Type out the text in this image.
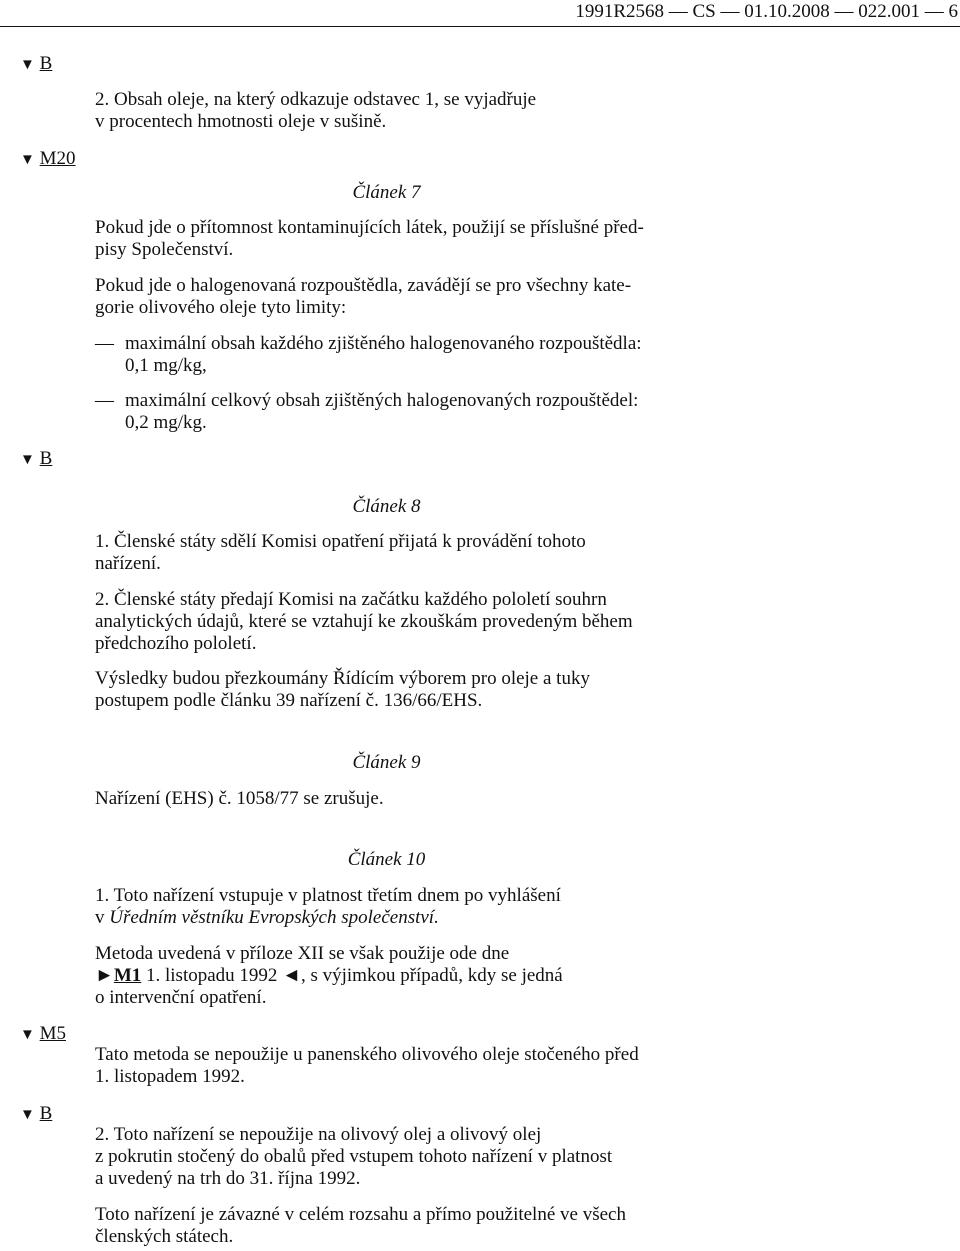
1991R2568 — CS — 01.10.2008 — 022.001 — 6
▼ B
▼ M20
▼ B
▼ M5
▼ B
2. Obsah oleje, na který odkazuje odstavec 1, se vyjadřuje
v procentech hmotnosti oleje v sušině.
Článek 7
Pokud jde o přítomnost kontaminujících látek, použijí se příslušné před-
pisy Společenství.
Pokud jde o halogenovaná rozpouštědla, zavádějí se pro všechny kate-
gorie olivového oleje tyto limity:
— maximální obsah každého zjištěného halogenovaného rozpouštědla:
0,1 mg/kg,
— maximální celkový obsah zjištěných halogenovaných rozpouštědel:
0,2 mg/kg.
Článek 8
1. Členské státy sdělí Komisi opatření přijatá k provádění tohoto
nařízení.
2. Členské státy předají Komisi na začátku každého pololetí souhrn
analytických údajů, které se vztahují ke zkouškám provedeným během
předchozího pololetí.
Výsledky budou přezkoumány Řídícím výborem pro oleje a tuky
postupem podle článku 39 nařízení č. 136/66/EHS.
Článek 9
Nařízení (EHS) č. 1058/77 se zrušuje.
Článek 10
1. Toto nařízení vstupuje v platnost třetím dnem po vyhlášení
v Úředním věstníku Evropských společenství.
Metoda uvedená v příloze XII se však použije ode dne
►M1 1. listopadu 1992 ◄, s výjimkou případů, kdy se jedná
o intervenční opatření.
Tato metoda se nepoužije u panenského olivového oleje stočeného před
1. listopadem 1992.
2. Toto nařízení se nepoužije na olivový olej a olivový olej
z pokrutin stočený do obalů před vstupem tohoto nařízení v platnost
a uvedený na trh do 31. října 1992.
Toto nařízení je závazné v celém rozsahu a přímo použitelné ve všech
členských státech.
